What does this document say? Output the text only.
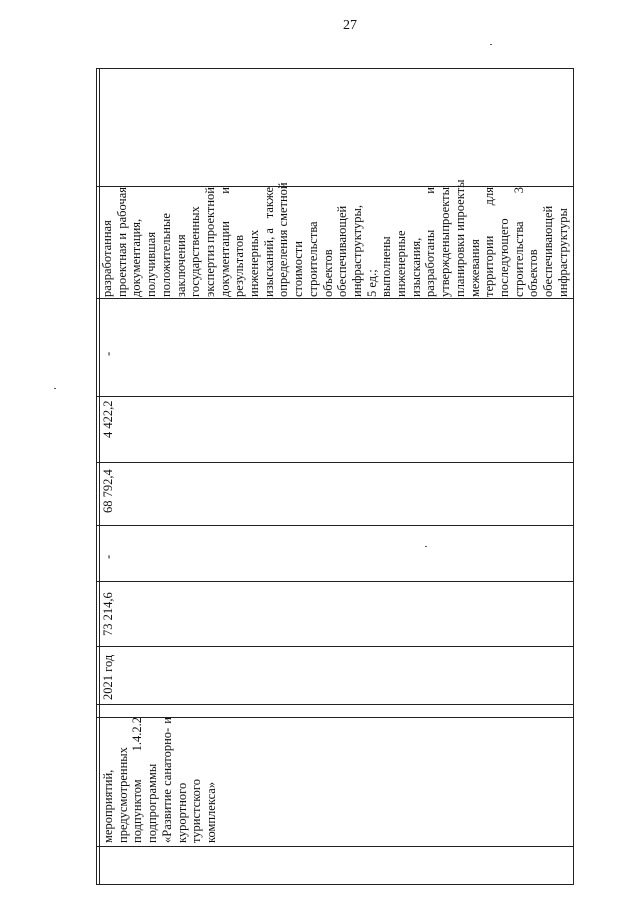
27
разработанная проектная и
рабочая
документация, получившая положительные заключения государственных экспертиз
проектной
документации
и
результатов инженерных изысканий, а
также определения сметной стоимости строительства объектов обеспечивающей инфраструктуры, 5 ед.; выполнены инженерные изыскания, разработаны
и
утверждены
проекты
планировки и
проекты
межевания территории
для
последующего строительства
3
объектов обеспечивающей инфраструктуры
-
4 422,2
68 792,4
-
73 214,6
2021 год
мероприятий, предусмотренных подпунктом
1.4.2.2
подпрограммы «Развитие санаторно-
и
курортного туристского комплекса»
